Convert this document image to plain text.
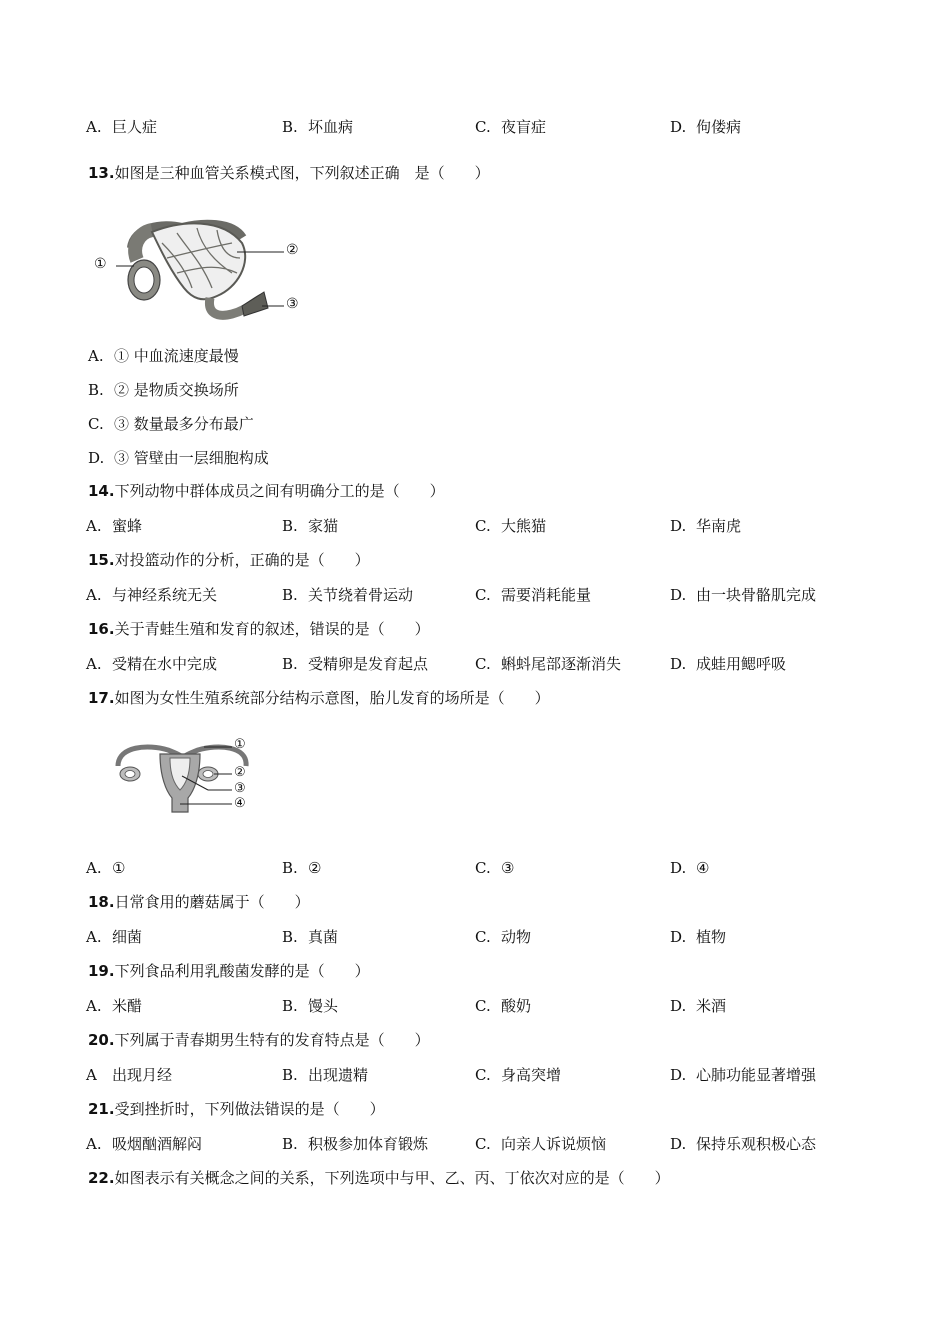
A. 巨人症	B. 坏血病	C. 夜盲症	D. 佝偻病
13.如图是三种血管关系模式图，下列叙述正确　是（　　）
①
②
③
A. ① 中血流速度最慢
B. ② 是物质交换场所
C. ③ 数量最多分布最广
D. ③ 管壁由一层细胞构成
14.下列动物中群体成员之间有明确分工的是（　　）
A. 蜜蜂	B. 家猫	C. 大熊猫	D. 华南虎
15.对投篮动作的分析，正确的是（　　）
A. 与神经系统无关	B. 关节绕着骨运动	C. 需要消耗能量	D. 由一块骨骼肌完成
16.关于青蛙生殖和发育的叙述，错误的是（　　）
A. 受精在水中完成	B. 受精卵是发育起点	C. 蝌蚪尾部逐渐消失	D. 成蛙用鳃呼吸
17.如图为女性生殖系统部分结构示意图，胎儿发育的场所是（　　）
①
②
③
④
A. ①	B. ②	C. ③	D. ④
18.日常食用的蘑菇属于（　　）
A. 细菌	B. 真菌	C. 动物	D. 植物
19.下列食品利用乳酸菌发酵的是（　　）
A. 米醋	B. 馒头	C. 酸奶	D. 米酒
20.下列属于青春期男生特有的发育特点是（　　）
A 出现月经	B. 出现遗精	C. 身高突增	D. 心肺功能显著增强
21.受到挫折时，下列做法错误的是（　　）
A. 吸烟酗酒解闷	B. 积极参加体育锻炼	C. 向亲人诉说烦恼	D. 保持乐观积极心态
22.如图表示有关概念之间的关系，下列选项中与甲、乙、丙、丁依次对应的是（　　）
